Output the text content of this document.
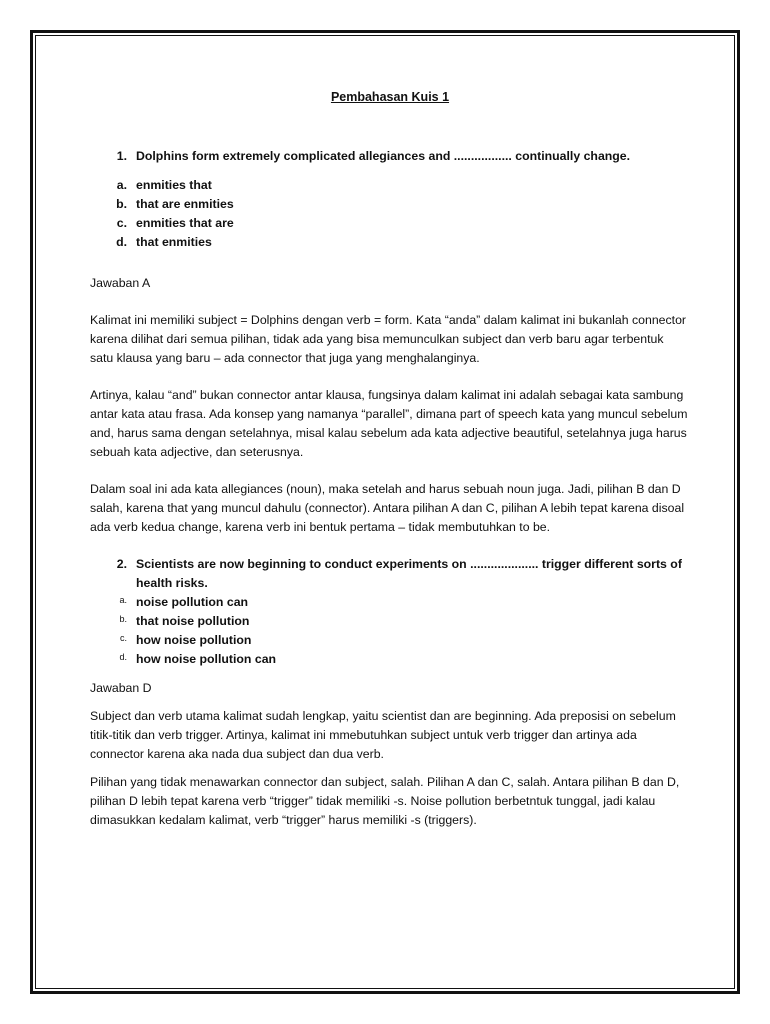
Pembahasan Kuis 1

1. Dolphins form extremely complicated allegiances and ................. continually change.

a. enmities that
b. that are enmities
c. enmities that are
d. that enmities

Jawaban A

Kalimat ini memiliki subject = Dolphins dengan verb = form. Kata “anda” dalam kalimat ini bukanlah connector karena dilihat dari semua pilihan, tidak ada yang bisa memunculkan subject dan verb baru agar terbentuk satu klausa yang baru – ada connector that juga yang menghalanginya.

Artinya, kalau “and” bukan connector antar klausa, fungsinya dalam kalimat ini adalah sebagai kata sambung antar kata atau frasa. Ada konsep yang namanya “parallel”, dimana part of speech kata yang muncul sebelum and, harus sama dengan setelahnya, misal kalau sebelum ada kata adjective beautiful, setelahnya juga harus sebuah kata adjective, dan seterusnya.

Dalam soal ini ada kata allegiances (noun), maka setelah and harus sebuah noun juga. Jadi, pilihan B dan D salah, karena that yang muncul dahulu (connector). Antara pilihan A dan C, pilihan A lebih tepat karena disoal ada verb kedua change, karena verb ini bentuk pertama – tidak membutuhkan to be.

2. Scientists are now beginning to conduct experiments on .................... trigger different sorts of health risks.

a. noise pollution can
b. that noise pollution
c. how noise pollution
d. how noise pollution can

Jawaban D

Subject dan verb utama kalimat sudah lengkap, yaitu scientist dan are beginning. Ada preposisi on sebelum titik-titik dan verb trigger. Artinya, kalimat ini mmebutuhkan subject untuk verb trigger dan artinya ada connector karena aka nada dua subject dan dua verb.

Pilihan yang tidak menawarkan connector dan subject, salah. Pilihan A dan C, salah. Antara pilihan B dan D, pilihan D lebih tepat karena verb “trigger” tidak memiliki -s. Noise pollution berbetntuk tunggal, jadi kalau dimasukkan kedalam kalimat, verb “trigger” harus memiliki -s (triggers).
